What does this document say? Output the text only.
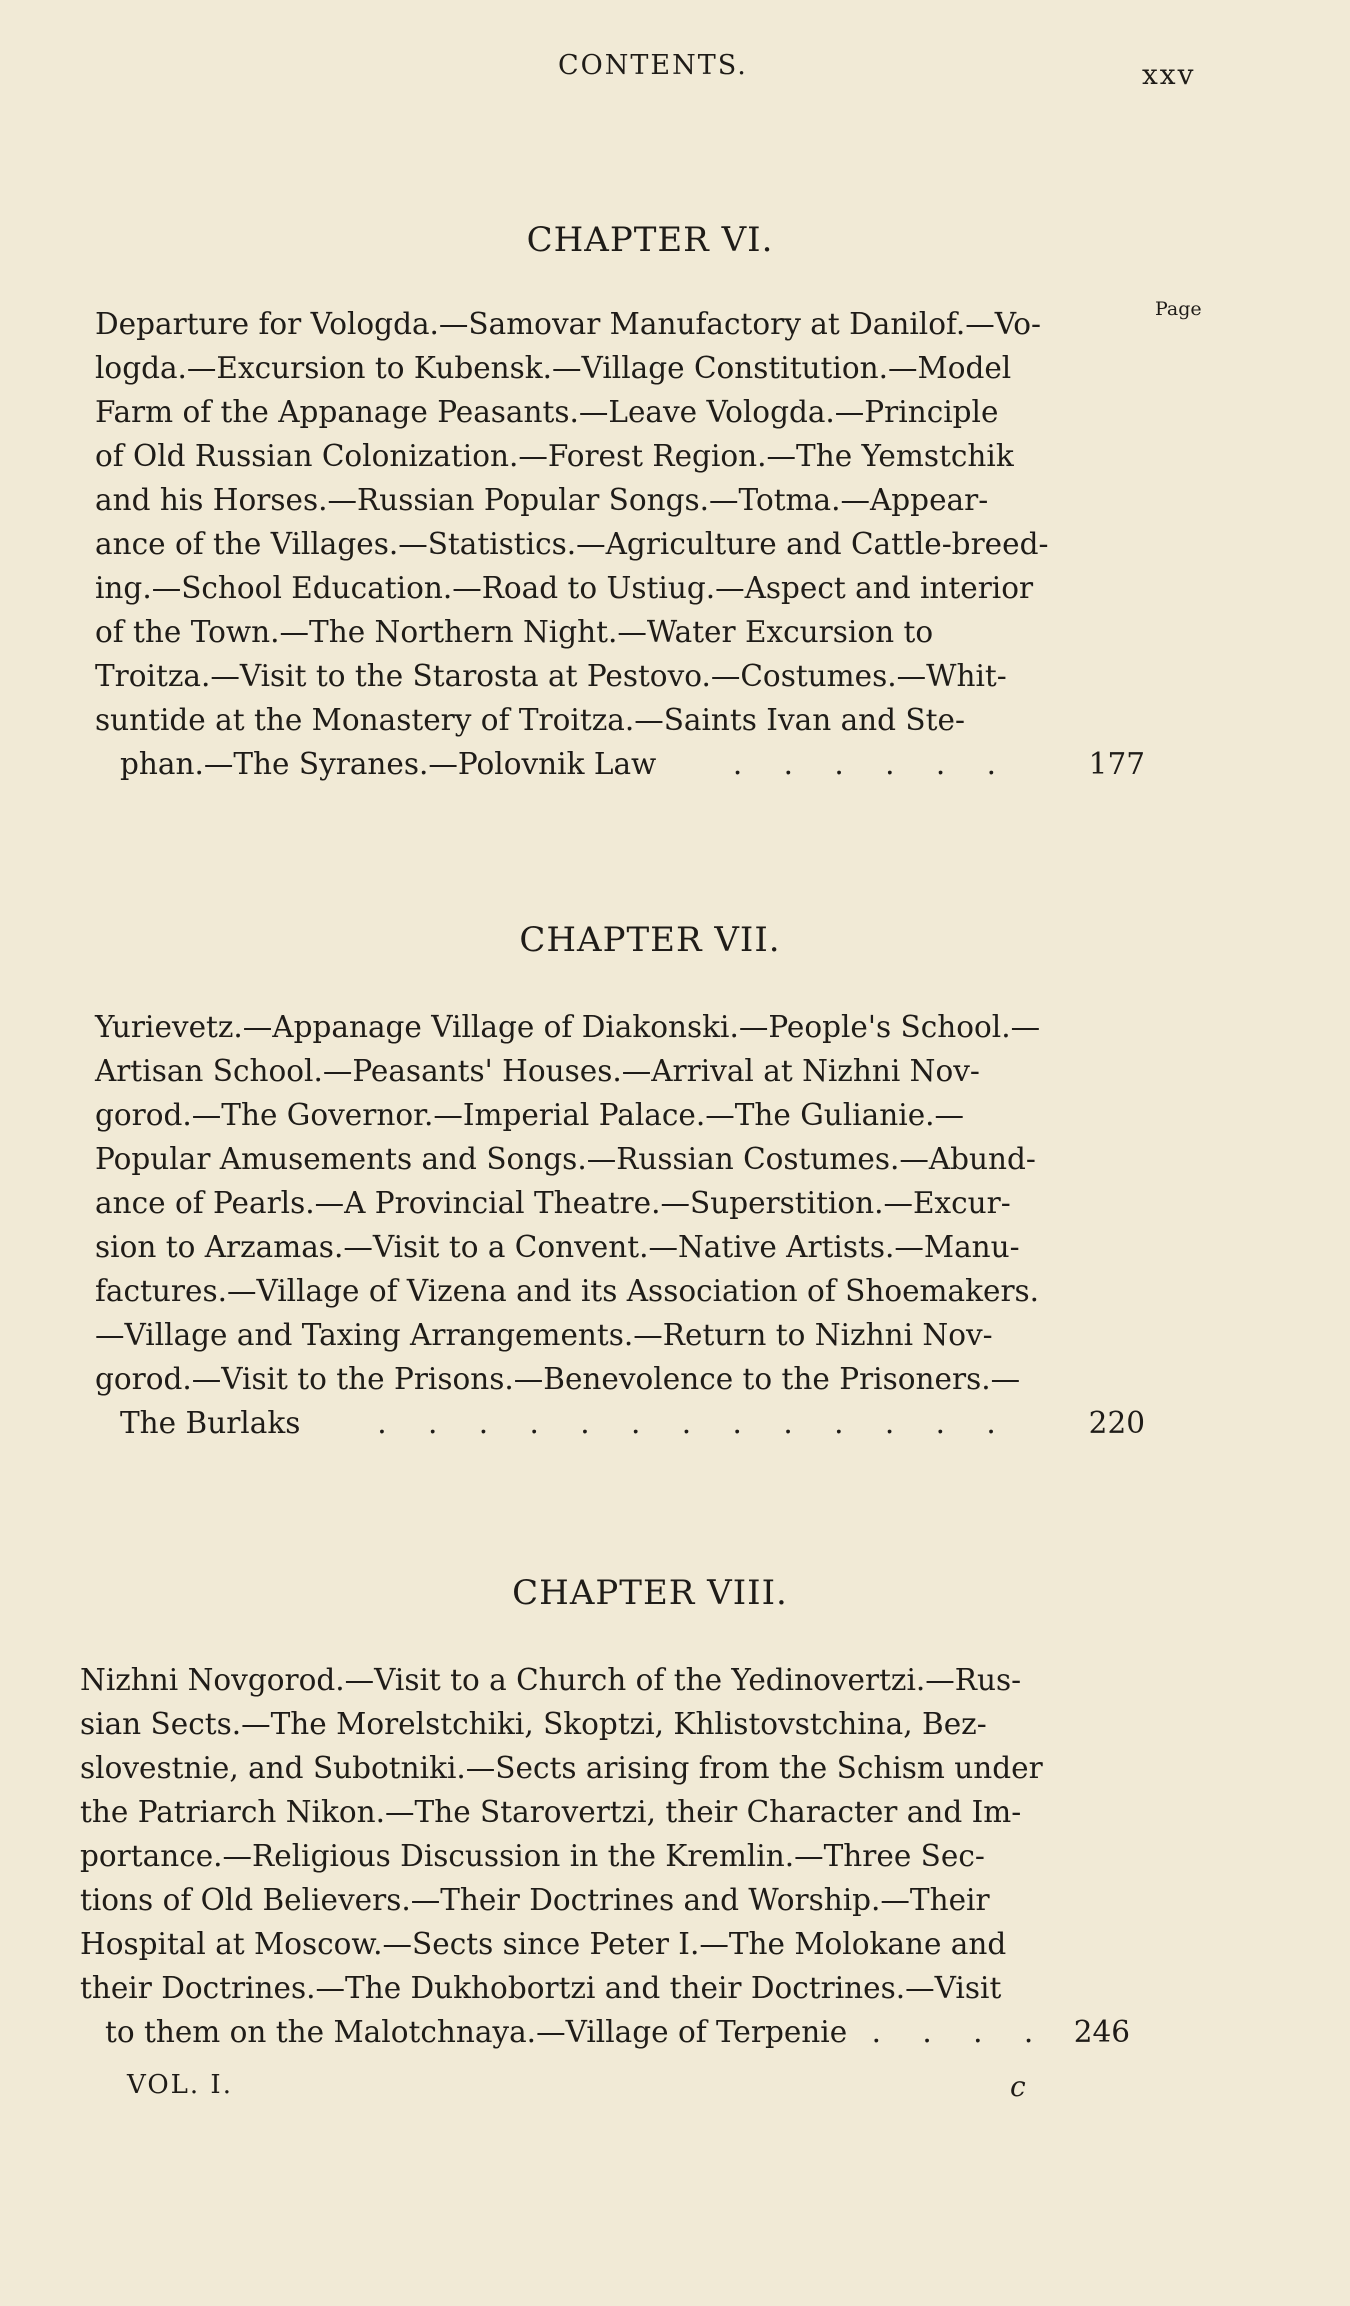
CONTENTS.	xxv
Page
CHAPTER VI.
Departure for Vologda.—Samovar Manufactory at Danilof.—Vo-
logda.—Excursion to Kubensk.—Village Constitution.—Model
Farm of the Appanage Peasants.—Leave Vologda.—Principle
of Old Russian Colonization.—Forest Region.—The Yemstchik
and his Horses.—Russian Popular Songs.—Totma.—Appear-
ance of the Villages.—Statistics.—Agriculture and Cattle-breed-
ing.—School Education.—Road to Ustiug.—Aspect and interior
of the Town.—The Northern Night.—Water Excursion to
Troitza.—Visit to the Starosta at Pestovo.—Costumes.—Whit-
suntide at the Monastery of Troitza.—Saints Ivan and Ste-
phan.—The Syranes.—Polovnik Law	. . . . . .	177
CHAPTER VII.
Yurievetz.—Appanage Village of Diakonski.—People's School.—
Artisan School.—Peasants' Houses.—Arrival at Nizhni Nov-
gorod.—The Governor.—Imperial Palace.—The Gulianie.—
Popular Amusements and Songs.—Russian Costumes.—Abund-
ance of Pearls.—A Provincial Theatre.—Superstition.—Excur-
sion to Arzamas.—Visit to a Convent.—Native Artists.—Manu-
factures.—Village of Vizena and its Association of Shoemakers.
—Village and Taxing Arrangements.—Return to Nizhni Nov-
gorod.—Visit to the Prisons.—Benevolence to the Prisoners.—
The Burlaks	. . . . . . . . . . . . .	220
CHAPTER VIII.
Nizhni Novgorod.—Visit to a Church of the Yedinovertzi.—Rus-
sian Sects.—The Morelstchiki, Skoptzi, Khlistovstchina, Bez-
slovestnie, and Subotniki.—Sects arising from the Schism under
the Patriarch Nikon.—The Starovertzi, their Character and Im-
portance.—Religious Discussion in the Kremlin.—Three Sec-
tions of Old Believers.—Their Doctrines and Worship.—Their
Hospital at Moscow.—Sects since Peter I.—The Molokane and
their Doctrines.—The Dukhobortzi and their Doctrines.—Visit
to them on the Malotchnaya.—Village of Terpenie . . . . 246
VOL. I.	c
